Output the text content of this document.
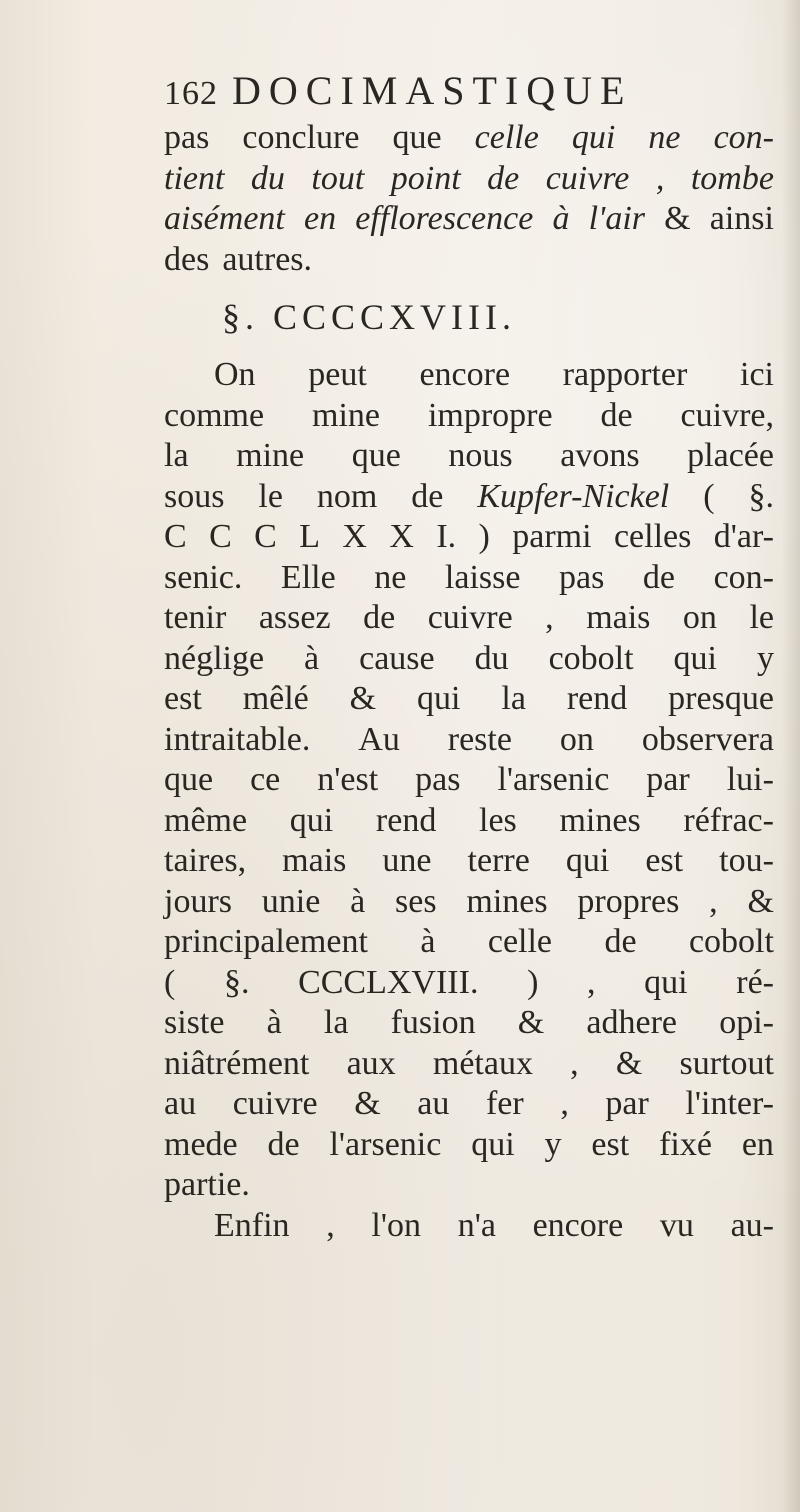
162 DOCIMASTIQUE
pas conclure que celle qui ne con-
tient du tout point de cuivre , tombe
aisément en efflorescence à l'air & ainsi
des autres.
§. CCCCXVIII.
On peut encore rapporter ici
comme mine impropre de cuivre,
la mine que nous avons placée
sous le nom de Kupfer-Nickel ( §.
C C C L X X I. ) parmi celles d'ar-
senic. Elle ne laisse pas de con-
tenir assez de cuivre , mais on le
néglige à cause du cobolt qui y
est mêlé & qui la rend presque
intraitable. Au reste on observera
que ce n'est pas l'arsenic par lui-
même qui rend les mines réfrac-
taires, mais une terre qui est tou-
jours unie à ses mines propres , &
principalement à celle de cobolt
( §. CCCLXVIII. ) , qui ré-
siste à la fusion & adhere opi-
niâtrément aux métaux , & surtout
au cuivre & au fer , par l'inter-
mede de l'arsenic qui y est fixé en
partie.
Enfin , l'on n'a encore vu au-
